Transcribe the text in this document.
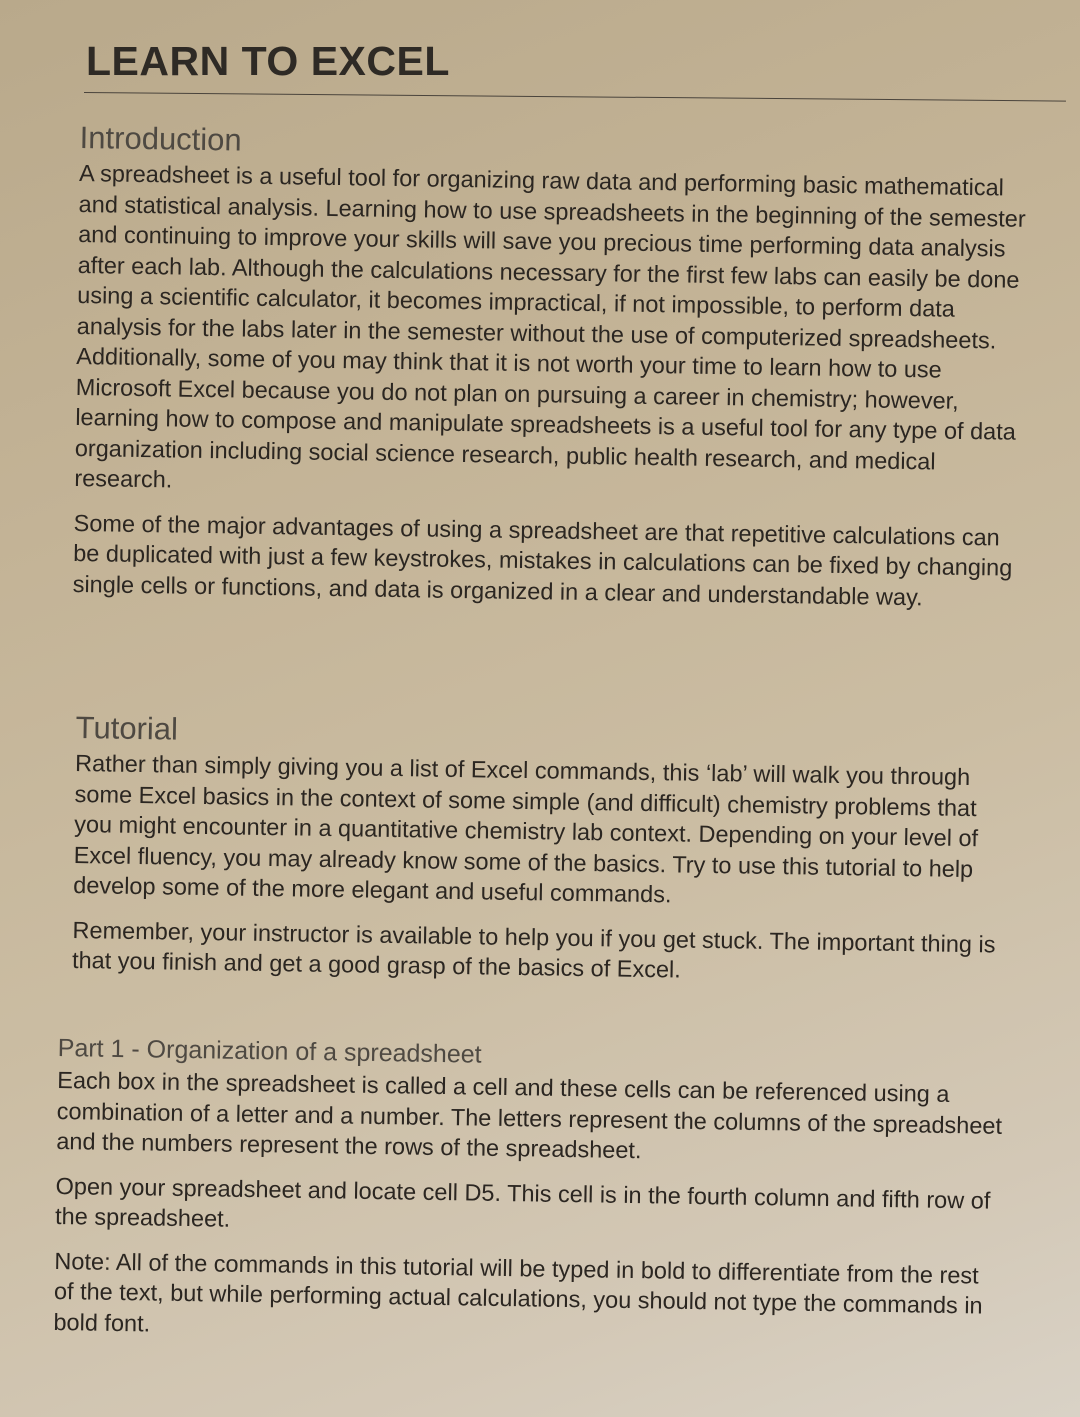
LEARN TO EXCEL
Introduction

A spreadsheet is a useful tool for organizing raw data and performing basic mathematical and statistical analysis. Learning how to use spreadsheets in the beginning of the semester and continuing to improve your skills will save you precious time performing data analysis after each lab. Although the calculations necessary for the first few labs can easily be done using a scientific calculator, it becomes impractical, if not impossible, to perform data analysis for the labs later in the semester without the use of computerized spreadsheets. Additionally, some of you may think that it is not worth your time to learn how to use Microsoft Excel because you do not plan on pursuing a career in chemistry; however, learning how to compose and manipulate spreadsheets is a useful tool for any type of data organization including social science research, public health research, and medical research.

Some of the major advantages of using a spreadsheet are that repetitive calculations can be duplicated with just a few keystrokes, mistakes in calculations can be fixed by changing single cells or functions, and data is organized in a clear and understandable way.

Tutorial

Rather than simply giving you a list of Excel commands, this ‘lab’ will walk you through some Excel basics in the context of some simple (and difficult) chemistry problems that you might encounter in a quantitative chemistry lab context. Depending on your level of Excel fluency, you may already know some of the basics. Try to use this tutorial to help develop some of the more elegant and useful commands.

Remember, your instructor is available to help you if you get stuck. The important thing is that you finish and get a good grasp of the basics of Excel.

Part 1 - Organization of a spreadsheet

Each box in the spreadsheet is called a cell and these cells can be referenced using a combination of a letter and a number. The letters represent the columns of the spreadsheet and the numbers represent the rows of the spreadsheet.

Open your spreadsheet and locate cell D5. This cell is in the fourth column and fifth row of the spreadsheet.

Note: All of the commands in this tutorial will be typed in bold to differentiate from the rest of the text, but while performing actual calculations, you should not type the commands in bold font.
